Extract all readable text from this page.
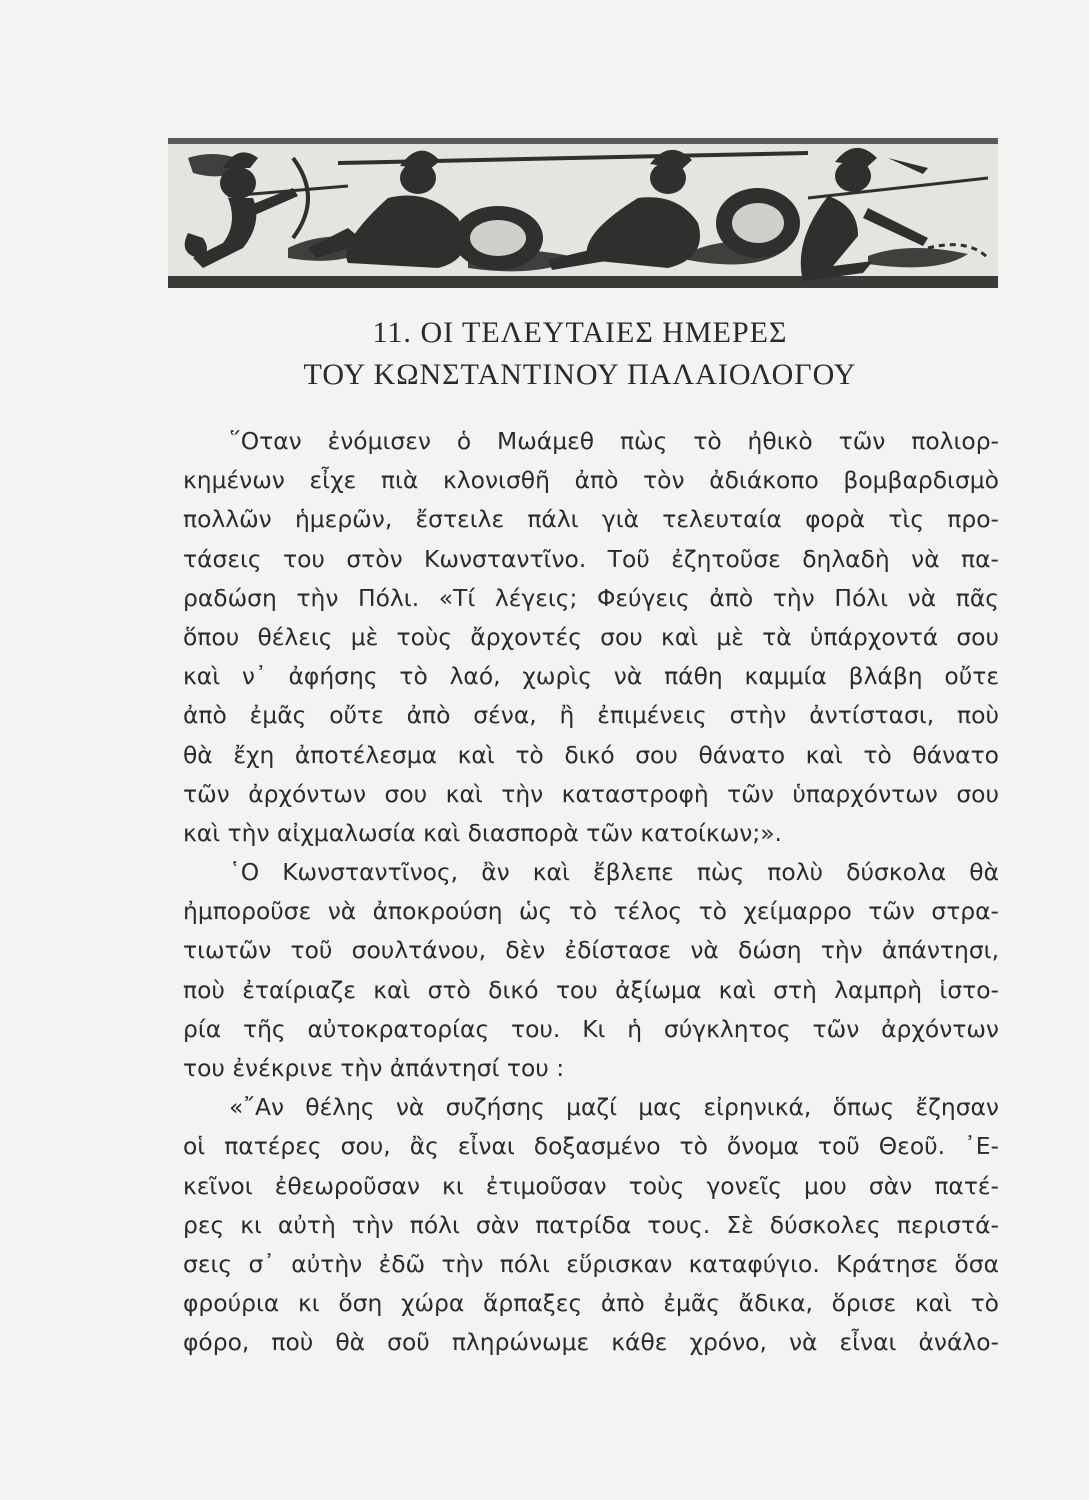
11. ΟΙ ΤΕΛΕΥΤΑΙΕΣ ΗΜΕΡΕΣ
ΤΟΥ ΚΩΝΣΤΑΝΤΙΝΟΥ ΠΑΛΑΙΟΛΟΓΟΥ
῞Οταν ἐνόμισεν ὁ Μωάμεθ πὼς τὸ ἠθικὸ τῶν πολιορ-
κημένων εἶχε πιὰ κλονισθῆ ἀπὸ τὸν ἀδιάκοπο βομβαρδισμὸ
πολλῶν ἡμερῶν, ἔστειλε πάλι γιὰ τελευταία φορὰ τὶς προ-
τάσεις του στὸν Κωνσταντῖνο. Τοῦ ἐζητοῦσε δηλαδὴ νὰ πα-
ραδώση τὴν Πόλι. «Τί λέγεις; Φεύγεις ἀπὸ τὴν Πόλι νὰ πᾶς
ὅπου θέλεις μὲ τοὺς ἄρχοντές σου καὶ μὲ τὰ ὑπάρχοντά σου
καὶ ν᾽ ἀφήσης τὸ λαό, χωρὶς νὰ πάθη καμμία βλάβη οὔτε
ἀπὸ ἐμᾶς οὔτε ἀπὸ σένα, ἢ ἐπιμένεις στὴν ἀντίστασι, ποὺ
θὰ ἔχη ἀποτέλεσμα καὶ τὸ δικό σου θάνατο καὶ τὸ θάνατο
τῶν ἀρχόντων σου καὶ τὴν καταστροφὴ τῶν ὑπαρχόντων σου
καὶ τὴν αἰχμαλωσία καὶ διασπορὰ τῶν κατοίκων;».
῾Ο Κωνσταντῖνος, ἂν καὶ ἔβλεπε πὼς πολὺ δύσκολα θὰ
ἠμποροῦσε νὰ ἀποκρούση ὡς τὸ τέλος τὸ χείμαρρο τῶν στρα-
τιωτῶν τοῦ σουλτάνου, δὲν ἐδίστασε νὰ δώση τὴν ἀπάντησι,
ποὺ ἐταίριαζε καὶ στὸ δικό του ἀξίωμα καὶ στὴ λαμπρὴ ἱστο-
ρία τῆς αὐτοκρατορίας του. Κι ἡ σύγκλητος τῶν ἀρχόντων
του ἐνέκρινε τὴν ἀπάντησί του :
«῎Αν θέλης νὰ συζήσης μαζί μας εἰρηνικά, ὅπως ἔζησαν
οἱ πατέρες σου, ἂς εἶναι δοξασμένο τὸ ὄνομα τοῦ Θεοῦ. ᾽Ε-
κεῖνοι ἐθεωροῦσαν κι ἐτιμοῦσαν τοὺς γονεῖς μου σὰν πατέ-
ρες κι αὐτὴ τὴν πόλι σὰν πατρίδα τους. Σὲ δύσκολες περιστά-
σεις σ᾽ αὐτὴν ἐδῶ τὴν πόλι εὕρισκαν καταφύγιο. Κράτησε ὅσα
φρούρια κι ὅση χώρα ἅρπαξες ἀπὸ ἐμᾶς ἄδικα, ὅρισε καὶ τὸ
φόρο, ποὺ θὰ σοῦ πληρώνωμε κάθε χρόνο, νὰ εἶναι ἀνάλο-
